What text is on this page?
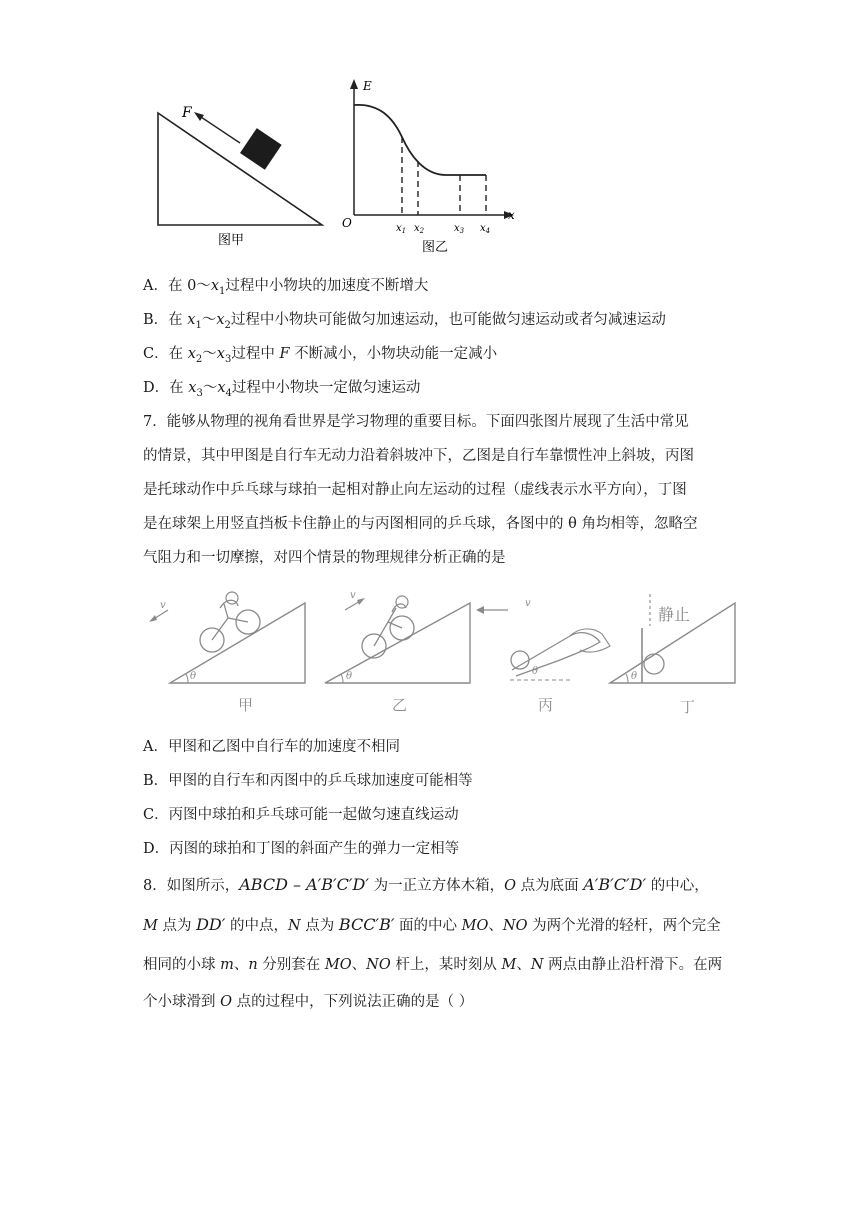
F
图甲
E
x
O	$x_1$ $x_2$	$x_3$ $x_4$
图乙
A．在 $0\sim x_1$过程中小物块的加速度不断增大
B．在 $x_1\sim x_2$过程中小物块可能做匀加速运动，也可能做匀速运动或者匀减速运动
C．在 $x_2\sim x_3$过程中 F 不断减小，小物块动能一定减小
D．在 $x_3\sim x_4$过程中小物块一定做匀速运动
7．能够从物理的视角看世界是学习物理的重要目标。下面四张图片展现了生活中常见
的情景，其中甲图是自行车无动力沿着斜坡冲下，乙图是自行车靠惯性冲上斜坡，丙图
是托球动作中乒乓球与球拍一起相对静止向左运动的过程（虚线表示水平方向），丁图
是在球架上用竖直挡板卡住静止的与丙图相同的乒乓球，各图中的 θ 角均相等，忽略空
气阻力和一切摩擦，对四个情景的物理规律分析正确的是
θ
v
甲
θ
v
乙
v
θ
丙
θ
静止
丁
A．甲图和乙图中自行车的加速度不相同
B．甲图的自行车和丙图中的乒乓球加速度可能相等
C．丙图中球拍和乒乓球可能一起做匀速直线运动
D．丙图的球拍和丁图的斜面产生的弹力一定相等
8．如图所示，ABCD – A′B′C′D′ 为一正立方体木箱，O 点为底面 A′B′C′D′ 的中心，
M 点为 DD′ 的中点，N 点为 BCC′B′ 面的中心 MO、NO 为两个光滑的轻杆，两个完全
相同的小球 m、n 分别套在 MO、NO 杆上，某时刻从 M、N 两点由静止沿杆滑下。在两
个小球滑到 O 点的过程中，下列说法正确的是（ ）
